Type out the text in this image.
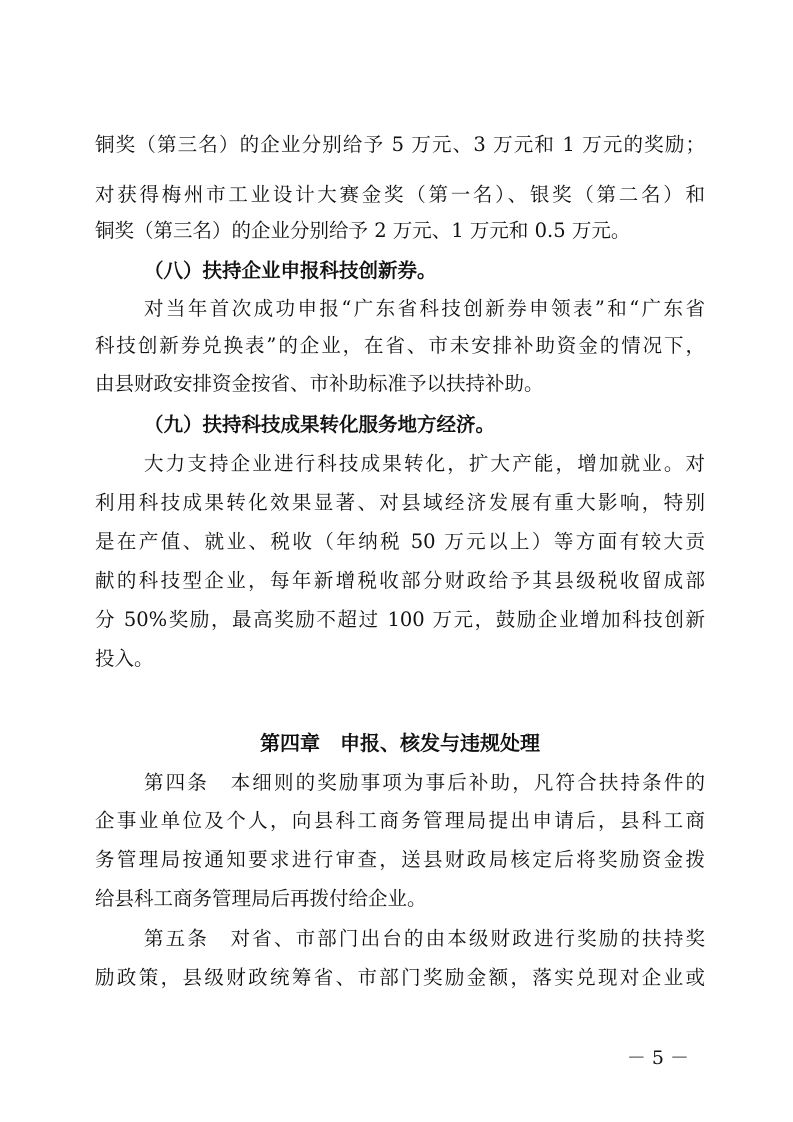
铜奖（第三名）的企业分别给予 5 万元、3 万元和 1 万元的奖励；
对获得梅州市工业设计大赛金奖（第一名）、银奖（第二名）和
铜奖（第三名）的企业分别给予 2 万元、1 万元和 0.5 万元。
（八）扶持企业申报科技创新券。
对当年首次成功申报“广东省科技创新券申领表”和“广东省
科技创新券兑换表”的企业，在省、市未安排补助资金的情况下，
由县财政安排资金按省、市补助标准予以扶持补助。
（九）扶持科技成果转化服务地方经济。
大力支持企业进行科技成果转化，扩大产能，增加就业。对
利用科技成果转化效果显著、对县域经济发展有重大影响，特别
是在产值、就业、税收（年纳税 50 万元以上）等方面有较大贡
献的科技型企业，每年新增税收部分财政给予其县级税收留成部
分 50%奖励，最高奖励不超过 100 万元，鼓励企业增加科技创新
投入。
第四章　申报、核发与违规处理
第四条　本细则的奖励事项为事后补助，凡符合扶持条件的
企事业单位及个人，向县科工商务管理局提出申请后，县科工商
务管理局按通知要求进行审查，送县财政局核定后将奖励资金拨
给县科工商务管理局后再拨付给企业。
第五条　对省、市部门出台的由本级财政进行奖励的扶持奖
励政策，县级财政统筹省、市部门奖励金额，落实兑现对企业或
－ 5 －
